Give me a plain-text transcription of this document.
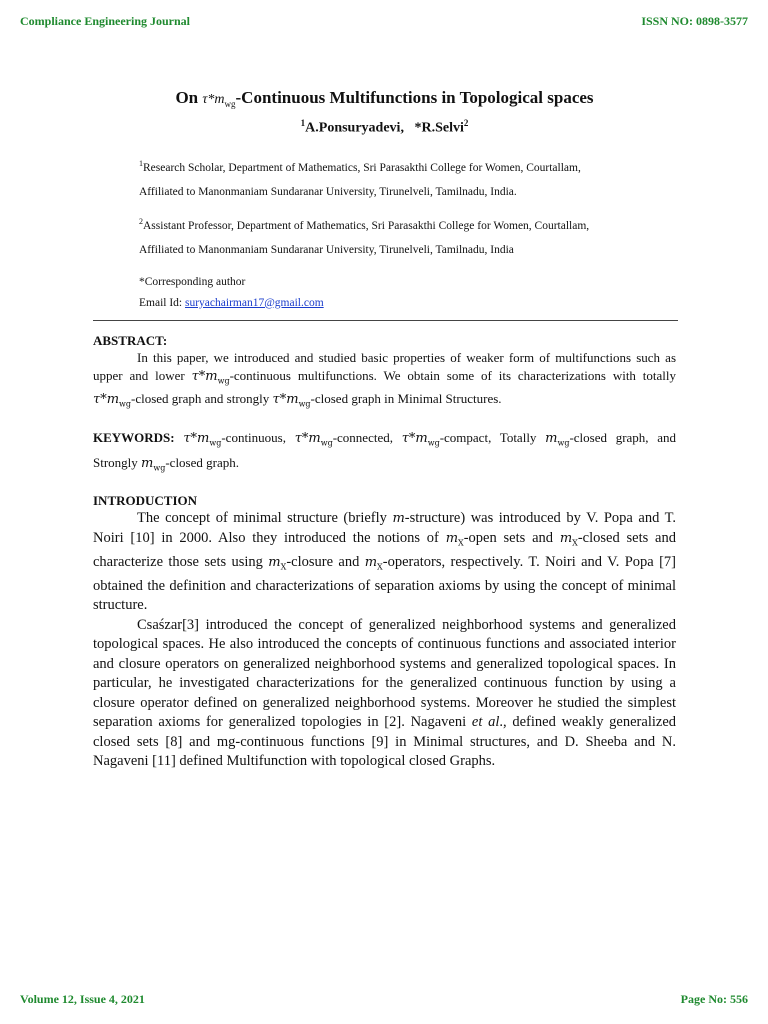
Compliance Engineering Journal	ISSN NO: 0898-3577
On $\tau*m_{wg}$-Continuous Multifunctions in Topological spaces
$^1$A.Ponsuryadevi, *R.Selvi$^2$
$^1$Research Scholar, Department of Mathematics, Sri Parasakthi College for Women, Courtallam,
Affiliated to Manonmaniam Sundaranar University, Tirunelveli, Tamilnadu, India.
$^2$Assistant Professor, Department of Mathematics, Sri Parasakthi College for Women, Courtallam,
Affiliated to Manonmaniam Sundaranar University, Tirunelveli, Tamilnadu, India
*Corresponding author
Email Id: suryachairman17@gmail.com
ABSTRACT:

In this paper, we introduced and studied basic properties of weaker form of multifunctions such as upper and lower $\tau*m_{wg}$-continuous multifunctions. We obtain some of its characterizations with totally $\tau*m_{wg}$-closed graph and strongly $\tau*m_{wg}$-closed graph in Minimal Structures.

KEYWORDS: $\tau*m_{wg}$-continuous, $\tau*m_{wg}$-connected, $\tau*m_{wg}$-compact, Totally $m_{wg}$-closed graph, and Strongly $m_{wg}$-closed graph.
INTRODUCTION

The concept of minimal structure (briefly m-structure) was introduced by V. Popa and T. Noiri [10] in 2000. Also they introduced the notions of $m_X$-open sets and $m_X$-closed sets and characterize those sets using $m_X$-closure and $m_X$-operators, respectively. T. Noiri and V. Popa [7] obtained the definition and characterizations of separation axioms by using the concept of minimal structure.

Csaśzar[3] introduced the concept of generalized neighborhood systems and generalized topological spaces. He also introduced the concepts of continuous functions and associated interior and closure operators on generalized neighborhood systems and generalized topological spaces. In particular, he investigated characterizations for the generalized continuous function by using a closure operator defined on generalized neighborhood systems. Moreover he studied the simplest separation axioms for generalized topologies in [2]. Nagaveni et al., defined weakly generalized closed sets [8] and mg-continuous functions [9] in Minimal structures, and D. Sheeba and N. Nagaveni [11] defined Multifunction with topological closed Graphs.

Volume 12, Issue 4, 2021	Page No: 556
